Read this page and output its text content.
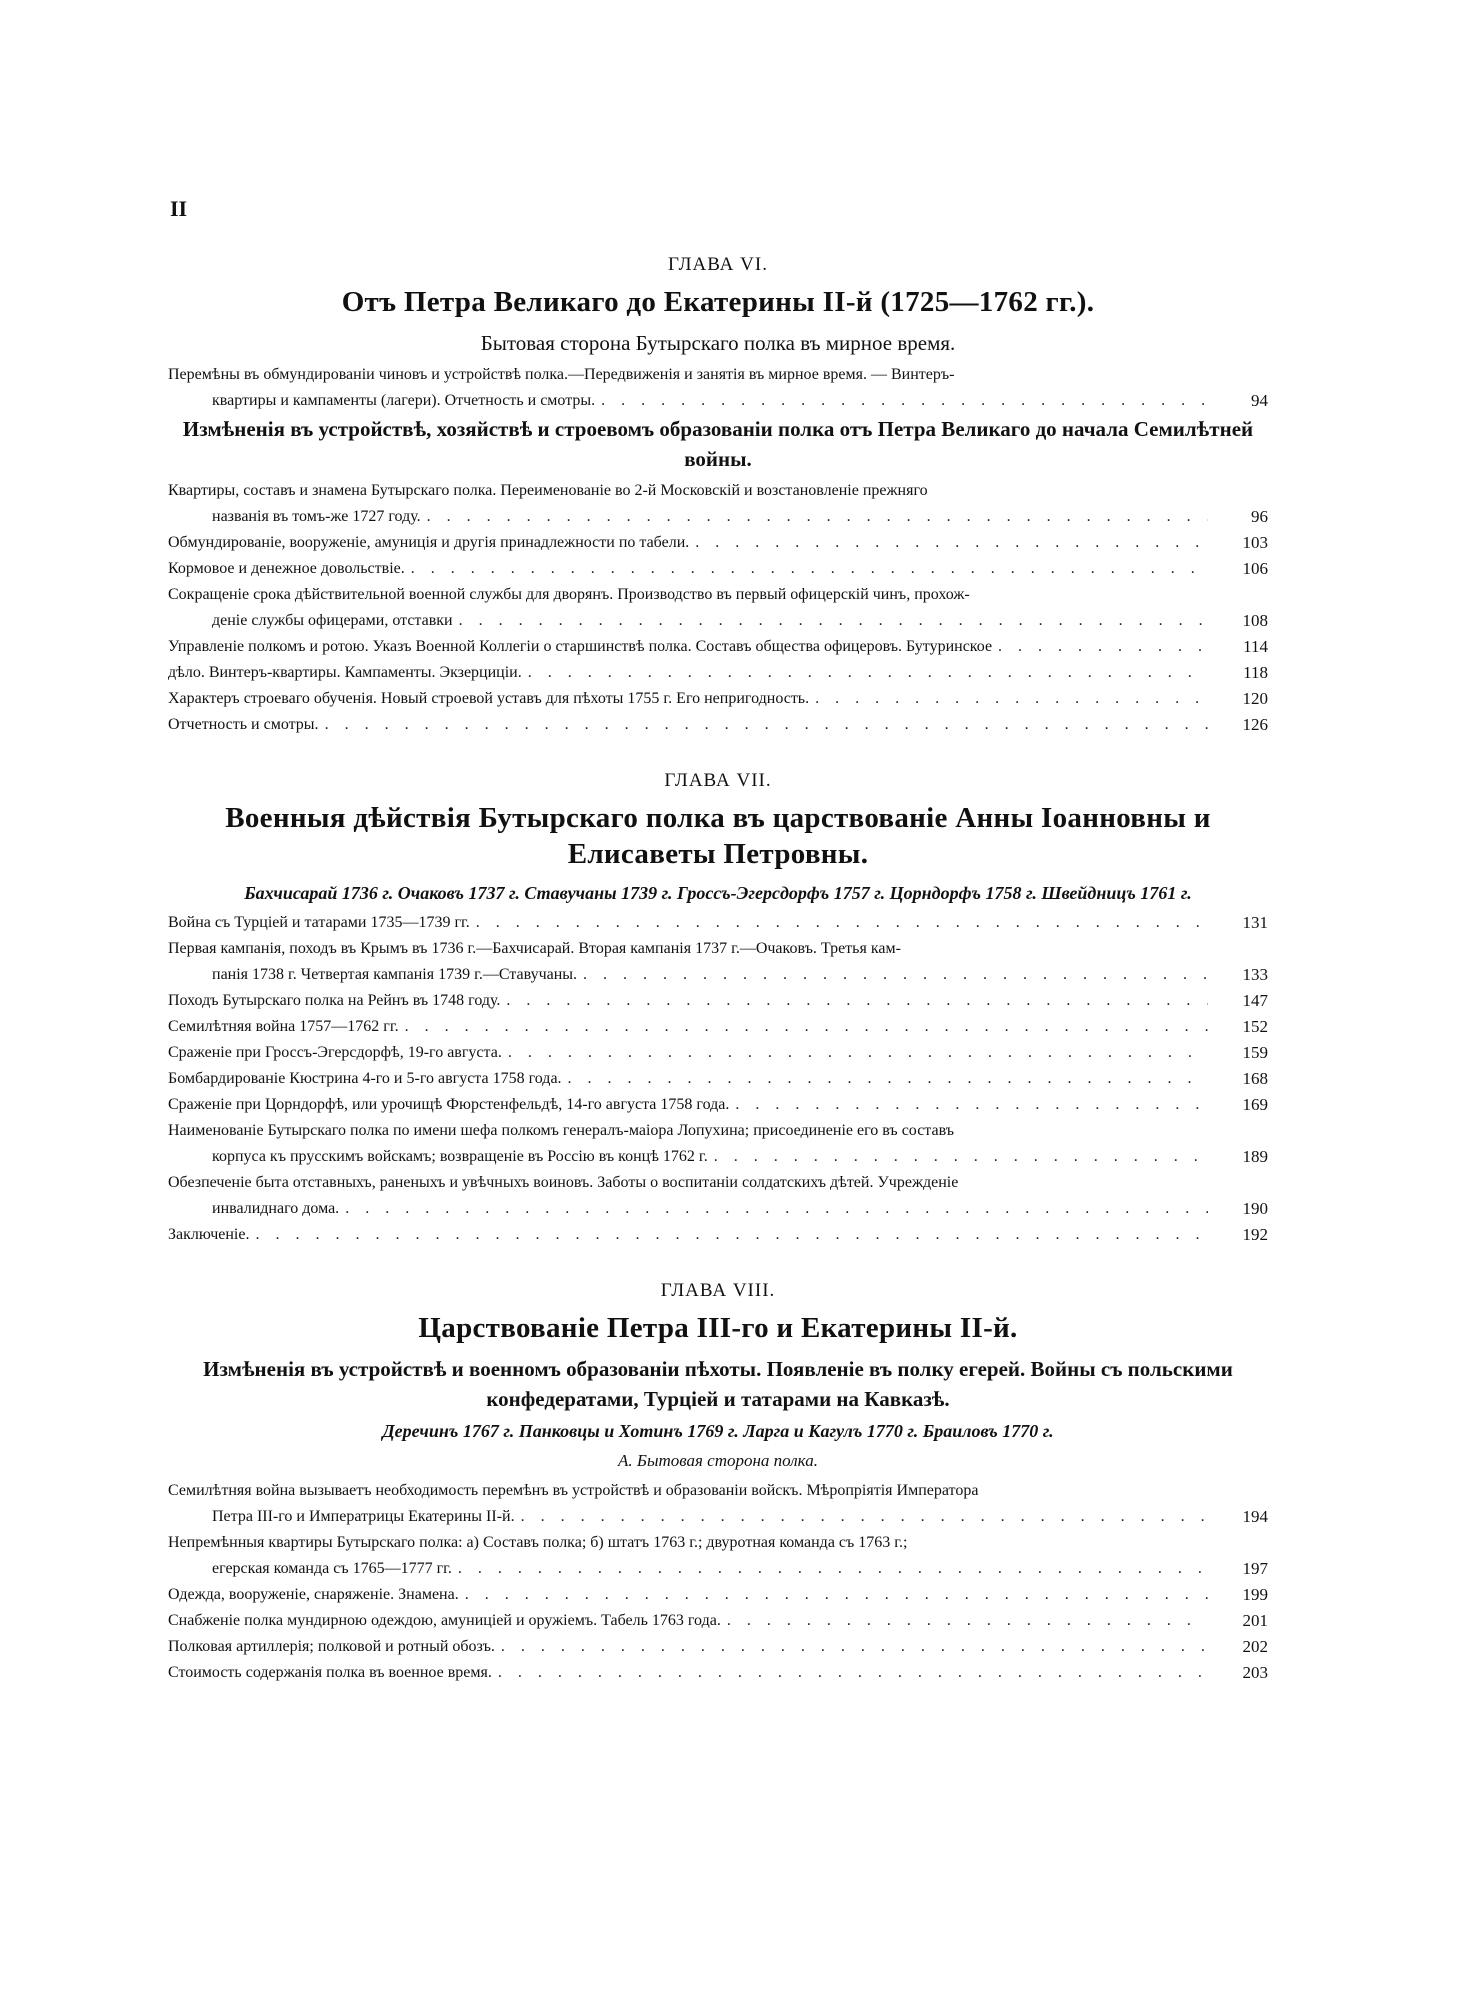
II
ГЛАВА VI.
Отъ Петра Великаго до Екатерины II-й (1725—1762 гг.).
Бытовая сторона Бутырскаго полка въ мирное время.
Перемѣны въ обмундированіи чиновъ и устройствѣ полка.—Передвиженія и занятія въ мирное время. — Винтеръ-
квартиры и кампаменты (лагери). Отчетность и смотры. . . .	94
Измѣненія въ устройствѣ, хозяйствѣ и строевомъ образованіи полка отъ Петра Великаго до начала Семилѣтней войны.
Квартиры, составъ и знамена Бутырскаго полка. Переименованіе во 2-й Московскій и возстановленіе прежняго
названія въ томъ-же 1727 году. . . .	96
Обмундированіе, вооруженіе, амуниція и другія принадлежности по табели. . . .	103
Кормовое и денежное довольствіе. . . .	106
Сокращеніе срока дѣйствительной военной службы для дворянъ. Производство въ первый офицерскій чинъ, прохож-
деніе службы офицерами, отставки . . .	108
Управленіе полкомъ и ротою. Указъ Военной Коллегіи о старшинствѣ полка. Составъ общества офицеровъ. Бутуринское . . .	114
дѣло. Винтеръ-квартиры. Кампаменты. Экзерциціи. . . .	118
Характеръ строеваго обученія. Новый строевой уставъ для пѣхоты 1755 г. Его непригодность. . . .	120
Отчетность и смотры. . . .	126
ГЛАВА VII.
Военныя дѣйствія Бутырскаго полка въ царствованіе Анны Іоанновны и Елисаветы Петровны.
Бахчисарай 1736 г. Очаковъ 1737 г. Ставучаны 1739 г. Гроссъ-Эгерсдорфъ 1757 г. Цорндорфъ 1758 г. Швейдницъ 1761 г.
Война съ Турціей и татарами 1735—1739 гг. . . .	131
Первая кампанія, походъ въ Крымъ въ 1736 г.—Бахчисарай. Вторая кампанія 1737 г.—Очаковъ. Третья кам-
панія 1738 г. Четвертая кампанія 1739 г.—Ставучаны. . . .	133
Походъ Бутырскаго полка на Рейнъ въ 1748 году. . . .	147
Семилѣтняя война 1757—1762 гг. . . .	152
Сраженіе при Гроссъ-Эгерсдорфѣ, 19-го августа. . . .	159
Бомбардированіе Кюстрина 4-го и 5-го августа 1758 года. . . .	168
Сраженіе при Цорндорфѣ, или урочищѣ Фюрстенфельдѣ, 14-го августа 1758 года. . . .	169
Наименованіе Бутырскаго полка по имени шефа полкомъ генералъ-маіора Лопухина; присоединеніе его въ составъ
корпуса къ прусскимъ войскамъ; возвращеніе въ Россію въ концѣ 1762 г. . . .	189
Обезпеченіе быта отставныхъ, раненыхъ и увѣчныхъ воиновъ. Заботы о воспитаніи солдатскихъ дѣтей. Учрежденіе
инвалиднаго дома. . . .	190
Заключеніе. . . .	192
ГЛАВА VIII.
Царствованіе Петра III-го и Екатерины II-й.
Измѣненія въ устройствѣ и военномъ образованіи пѣхоты. Появленіе въ полку егерей. Войны съ польскими конфедератами, Турціей и татарами на Кавказѣ.
Деречинъ 1767 г. Панковцы и Хотинъ 1769 г. Ларга и Кагулъ 1770 г. Браиловъ 1770 г.
А. Бытовая сторона полка.
Семилѣтняя война вызываетъ необходимость перемѣнъ въ устройствѣ и образованіи войскъ. Мѣропріятія Императора
Петра III-го и Императрицы Екатерины II-й. . . .	194
Непремѣнныя квартиры Бутырскаго полка: а) Составъ полка; б) штатъ 1763 г.; двуротная команда съ 1763 г.;
егерская команда съ 1765—1777 гг. . . .	197
Одежда, вооруженіе, снаряженіе. Знамена. . . .	199
Снабженіе полка мундирною одеждою, амуниціей и оружіемъ. Табель 1763 года. . . .	201
Полковая артиллерія; полковой и ротный обозъ. . . .	202
Стоимость содержанія полка въ военное время. . . .	203
